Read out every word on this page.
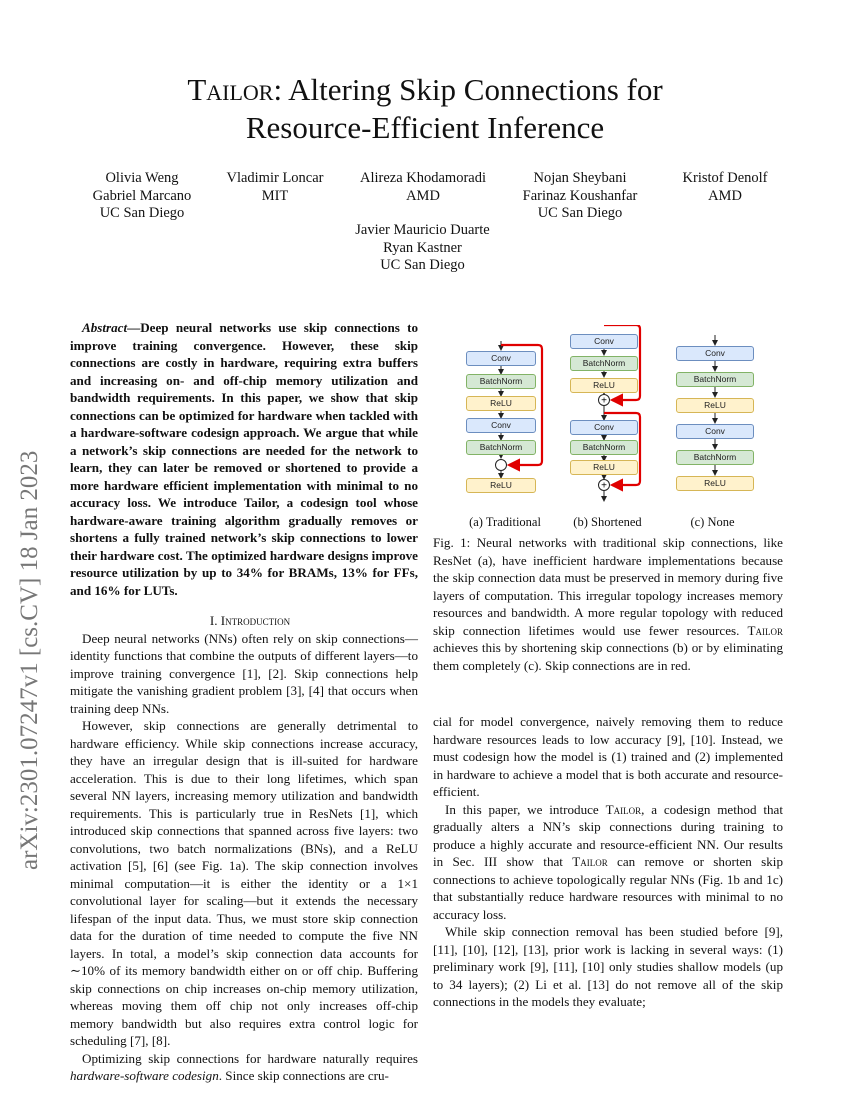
Tailor: Altering Skip Connections for
Resource-Efficient Inference
Olivia Weng
Gabriel Marcano
UC San Diego
Vladimir Loncar
MIT
Alireza Khodamoradi
AMD
Nojan Sheybani
Farinaz Koushanfar
UC San Diego
Kristof Denolf
AMD
Javier Mauricio Duarte
Ryan Kastner
UC San Diego
arXiv:2301.07247v1 [cs.CV] 18 Jan 2023

Abstract—Deep neural networks use skip connections to improve training convergence. However, these skip connections are costly in hardware, requiring extra buffers and increasing on- and off-chip memory utilization and bandwidth requirements. In this paper, we show that skip connections can be optimized for hardware when tackled with a hardware-software codesign approach. We argue that while a network’s skip connections are needed for the network to learn, they can later be removed or shortened to provide a more hardware efficient implementation with minimal to no accuracy loss. We introduce Tailor, a codesign tool whose hardware-aware training algorithm gradually removes or shortens a fully trained network’s skip connections to lower their hardware cost. The optimized hardware designs improve resource utilization by up to 34% for BRAMs, 13% for FFs, and 16% for LUTs.

I. Introduction

Deep neural networks (NNs) often rely on skip connections—identity functions that combine the outputs of different layers—to improve training convergence [1], [2]. Skip connections help mitigate the vanishing gradient problem [3], [4] that occurs when training deep NNs.

However, skip connections are generally detrimental to hardware efficiency. While skip connections increase accuracy, they have an irregular design that is ill-suited for hardware acceleration. This is due to their long lifetimes, which span several NN layers, increasing memory utilization and bandwidth requirements. This is particularly true in ResNets [1], which introduced skip connections that spanned across five layers: two convolutions, two batch normalizations (BNs), and a ReLU activation [5], [6] (see Fig. 1a). The skip connection involves minimal computation—it is either the identity or a 1×1 convolutional layer for scaling—but it extends the necessary lifespan of the input data. Thus, we must store skip connection data for the duration of time needed to compute the five NN layers. In total, a model’s skip connection data accounts for ∼10% of its memory bandwidth either on or off chip. Buffering skip connections on chip increases on-chip memory utilization, whereas moving them off chip not only increases off-chip memory bandwidth but also requires extra control logic for scheduling [7], [8].

Optimizing skip connections for hardware naturally requires hardware-software codesign. Since skip connections are cru-

+
+
Conv
BatchNorm
ReLU
Conv
BatchNorm
ReLU
Conv
BatchNorm
ReLU
Conv
BatchNorm
ReLU
Conv
BatchNorm
ReLU
Conv
BatchNorm
ReLU
(a) Traditional	(b) Shortened	(c) None

Fig. 1: Neural networks with traditional skip connections, like ResNet (a), have inefficient hardware implementations because the skip connection data must be preserved in memory during five layers of computation. This irregular topology increases memory resources and bandwidth. A more regular topology with reduced skip connection lifetimes would use fewer resources. Tailor achieves this by shortening skip connections (b) or by eliminating them completely (c). Skip connections are in red.

cial for model convergence, naively removing them to reduce hardware resources leads to low accuracy [9], [10]. Instead, we must codesign how the model is (1) trained and (2) implemented in hardware to achieve a model that is both accurate and resource-efficient.

In this paper, we introduce Tailor, a codesign method that gradually alters a NN’s skip connections during training to produce a highly accurate and resource-efficient NN. Our results in Sec. III show that Tailor can remove or shorten skip connections to achieve topologically regular NNs (Fig. 1b and 1c) that substantially reduce hardware resources with minimal to no accuracy loss.

While skip connection removal has been studied before [9], [11], [10], [12], [13], prior work is lacking in several ways: (1) preliminary work [9], [11], [10] only studies shallow models (up to 34 layers); (2) Li et al. [13] do not remove all of the skip connections in the models they evaluate;
